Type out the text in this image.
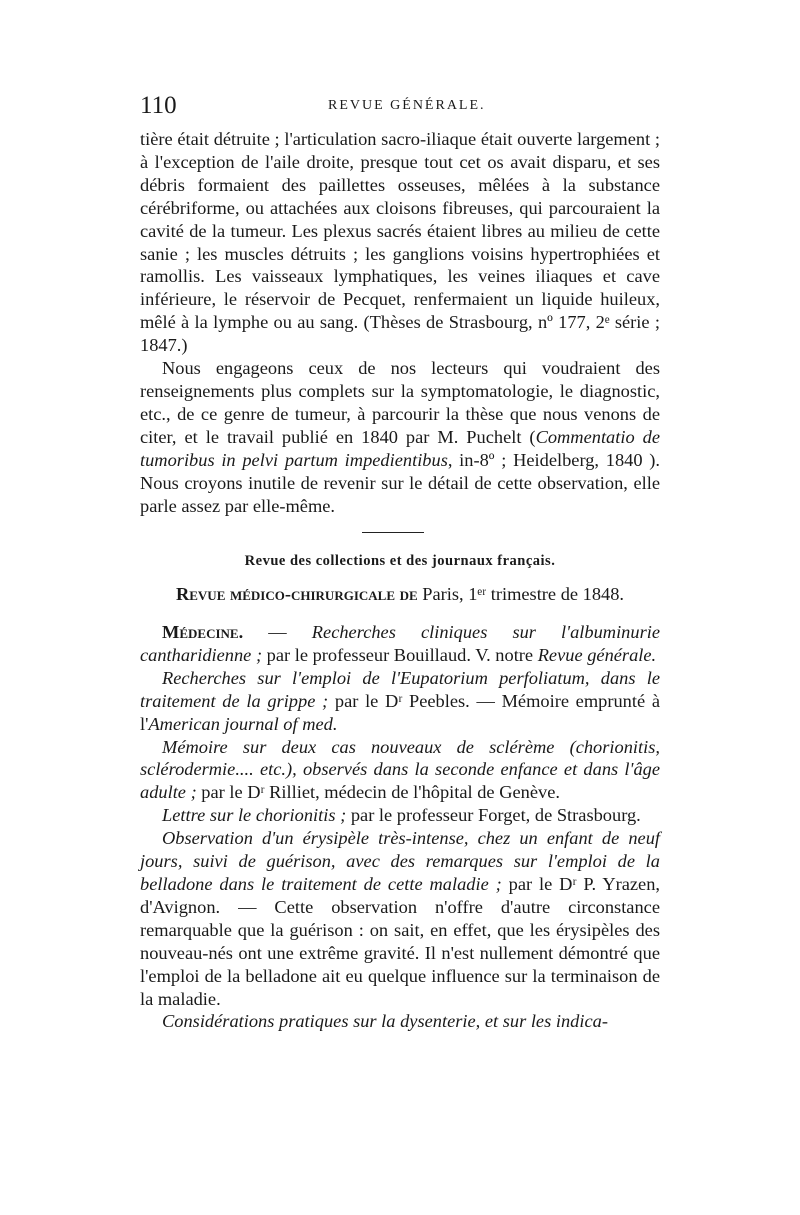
110	REVUE GÉNÉRALE.

tière était détruite ; l'articulation sacro-iliaque était ouverte largement ; à l'exception de l'aile droite, presque tout cet os avait disparu, et ses débris formaient des paillettes osseuses, mêlées à la substance cérébriforme, ou attachées aux cloisons fibreuses, qui parcouraient la cavité de la tumeur. Les plexus sacrés étaient libres au milieu de cette sanie ; les muscles détruits ; les ganglions voisins hypertrophiées et ramollis. Les vaisseaux lymphatiques, les veines iliaques et cave inférieure, le réservoir de Pecquet, renfermaient un liquide huileux, mêlé à la lymphe ou au sang. (Thèses de Strasbourg, nº 177, 2ᵉ série ; 1847.)

Nous engageons ceux de nos lecteurs qui voudraient des renseignements plus complets sur la symptomatologie, le diagnostic, etc., de ce genre de tumeur, à parcourir la thèse que nous venons de citer, et le travail publié en 1840 par M. Puchelt (Commentatio de tumoribus in pelvi partum impedientibus, in-8º ; Heidelberg, 1840 ). Nous croyons inutile de revenir sur le détail de cette observation, elle parle assez par elle-même.

Revue des collections et des journaux français.
Revue médico-chirurgicale de Paris, 1ᵉʳ trimestre de 1848.

Médecine. — Recherches cliniques sur l'albuminurie cantharidienne ; par le professeur Bouillaud. V. notre Revue générale.

Recherches sur l'emploi de l'Eupatorium perfoliatum, dans le traitement de la grippe ; par le Dʳ Peebles. — Mémoire emprunté à l'American journal of med.

Mémoire sur deux cas nouveaux de sclérème (chorionitis, sclérodermie.... etc.), observés dans la seconde enfance et dans l'âge adulte ; par le Dʳ Rilliet, médecin de l'hôpital de Genève.

Lettre sur le chorionitis ; par le professeur Forget, de Strasbourg.

Observation d'un érysipèle très-intense, chez un enfant de neuf jours, suivi de guérison, avec des remarques sur l'emploi de la belladone dans le traitement de cette maladie ; par le Dʳ P. Yrazen, d'Avignon. — Cette observation n'offre d'autre circonstance remarquable que la guérison : on sait, en effet, que les érysipèles des nouveau-nés ont une extrême gravité. Il n'est nullement démontré que l'emploi de la belladone ait eu quelque influence sur la terminaison de la maladie.

Considérations pratiques sur la dysenterie, et sur les indica-
